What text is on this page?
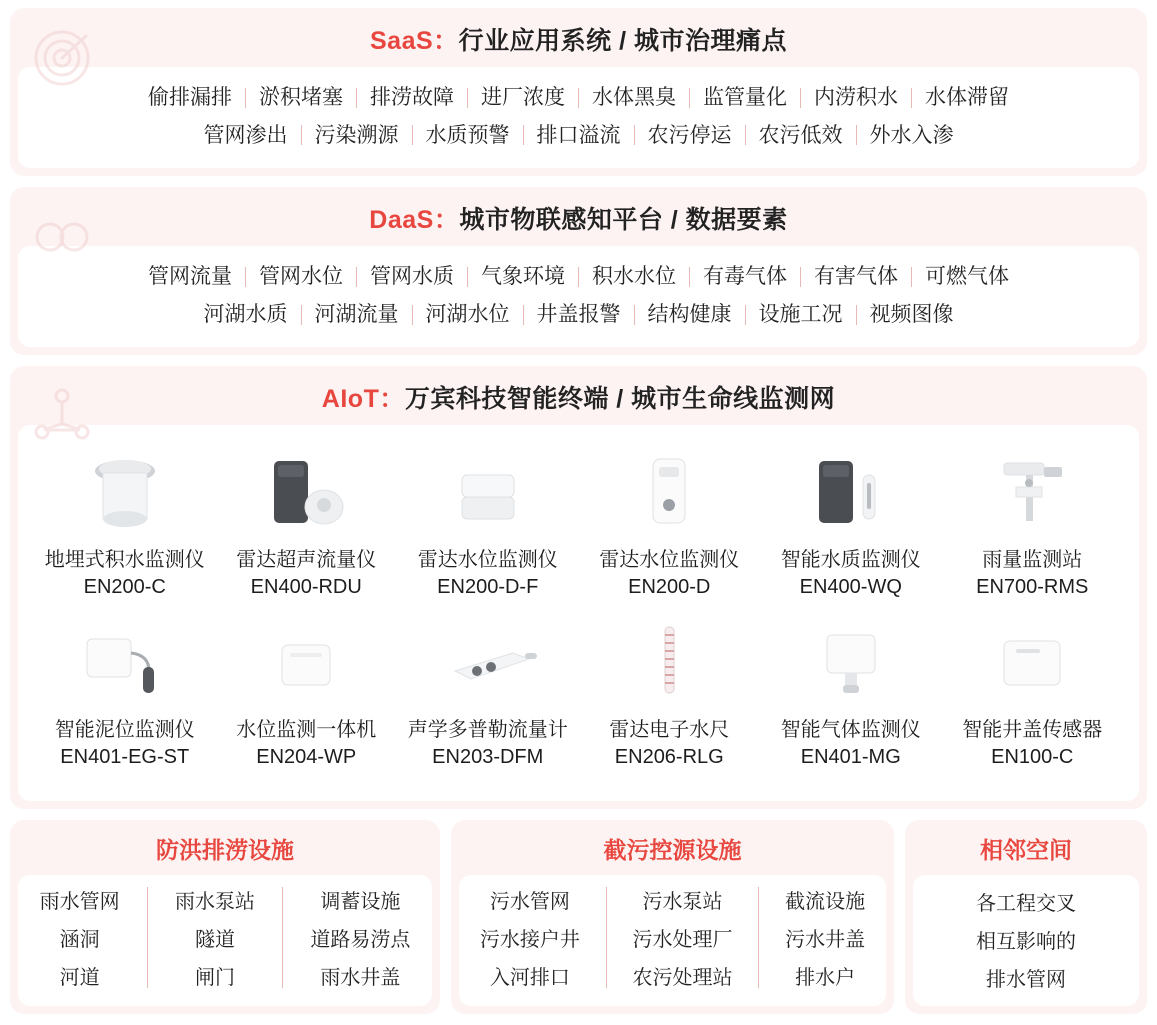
SaaS：行业应用系统 / 城市治理痛点
偷排漏排	淤积堵塞	排涝故障	进厂浓度	水体黑臭	监管量化	内涝积水	水体滞留
管网渗出	污染溯源	水质预警	排口溢流	农污停运	农污低效	外水入渗
DaaS：城市物联感知平台 / 数据要素
管网流量	管网水位	管网水质	气象环境	积水水位	有毒气体	有害气体	可燃气体
河湖水质	河湖流量	河湖水位	井盖报警	结构健康	设施工况	视频图像
AIoT：万宾科技智能终端 / 城市生命线监测网
地埋式积水监测仪
EN200-C
雷达超声流量仪
EN400-RDU
雷达水位监测仪
EN200-D-F
雷达水位监测仪
EN200-D
智能水质监测仪
EN400-WQ
雨量监测站
EN700-RMS
智能泥位监测仪
EN401-EG-ST
水位监测一体机
EN204-WP
声学多普勒流量计
EN203-DFM
雷达电子水尺
EN206-RLG
智能气体监测仪
EN401-MG
智能井盖传感器
EN100-C
防洪排涝设施
雨水管网
涵洞
河道
雨水泵站
隧道
闸门
调蓄设施
道路易涝点
雨水井盖
截污控源设施
污水管网
污水接户井
入河排口
污水泵站
污水处理厂
农污处理站
截流设施
污水井盖
排水户
相邻空间
各工程交叉
相互影响的
排水管网
